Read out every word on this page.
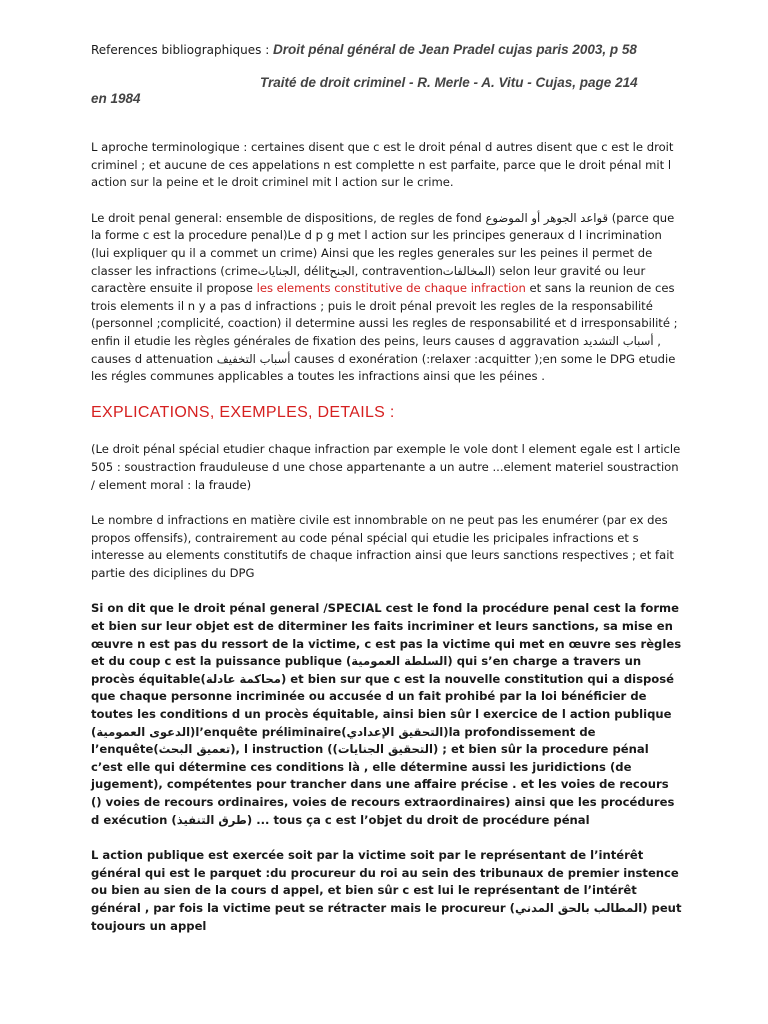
References bibliographiques : Droit pénal général de Jean Pradel cujas paris 2003, p 58
Traité de droit criminel - R. Merle - A. Vitu - Cujas, page 214
en 1984

L aproche terminologique : certaines disent que c est le droit pénal d autres disent que c est le droit criminel ; et aucune de ces appelations n est complette n est parfaite, parce que le droit pénal mit l action sur la peine et le droit criminel mit l action sur le crime.

Le droit penal general: ensemble de dispositions, de regles de fond قواعد الجوهر أو الموضوع (parce que la forme c est la procedure penal)Le d p g met l action sur les principes generaux d l incrimination (lui expliquer qu il a commet un crime) Ainsi que les regles generales sur les peines il permet de classer les infractions (crimeالجنايات, délitالجنح, contraventionالمخالفات) selon leur gravité ou leur caractère ensuite il propose les elements constitutive de chaque infraction et sans la reunion de ces trois elements il n y a pas d infractions ; puis le droit pénal prevoit les regles de la responsabilité (personnel ;complicité, coaction) il determine aussi les regles de responsabilité et d irresponsabilité ; enfin il etudie les règles générales de fixation des peins, leurs causes d aggravation أسباب التشديد , causes d attenuation أسباب التخفيف causes d exonération (:relaxer :acquitter );en some le DPG etudie les régles communes applicables a toutes les infractions ainsi que les péines .

EXPLICATIONS, EXEMPLES, DETAILS :

(Le droit pénal spécial etudier chaque infraction par exemple le vole dont l element egale est l article 505 : soustraction frauduleuse d une chose appartenante a un autre ...element materiel soustraction / element moral : la fraude)

Le nombre d infractions en matière civile est innombrable on ne peut pas les enumérer (par ex des propos offensifs), contrairement au code pénal spécial qui etudie les pricipales infractions et s interesse au elements constitutifs de chaque infraction ainsi que leurs sanctions respectives ; et fait partie des diciplines du DPG

Si on dit que le droit pénal general /SPECIAL cest le fond la procédure penal cest la forme et bien sur leur objet est de diterminer les faits incriminer et leurs sanctions, sa mise en œuvre n est pas du ressort de la victime, c est pas la victime qui met en œuvre ses règles et du coup c est la puissance publique (السلطة العمومية) qui s’en charge a travers un procès équitable(محاكمة عادلة) et bien sur que c est la nouvelle constitution qui a disposé que chaque personne incriminée ou accusée d un fait prohibé par la loi bénéficier de toutes les conditions d un procès équitable, ainsi bien sûr l exercice de l action publique (الدعوى العمومية)l’enquête préliminaire(التحقيق الإعدادي)la profondissement de l’enquête(تعميق البحث), l instruction ((التحقيق الجنايات) ; et bien sûr la procedure pénal c’est elle qui détermine ces conditions là , elle détermine aussi les juridictions (de jugement), compétentes pour trancher dans une affaire précise . et les voies de recours () voies de recours ordinaires, voies de recours extraordinaires) ainsi que les procédures d exécution (طرق التنفيذ) ... tous ça c est l’objet du droit de procédure pénal

L action publique est exercée soit par la victime soit par le représentant de l’intérêt général qui est le parquet :du procureur du roi au sein des tribunaux de premier instence ou bien au sien de la cours d appel, et bien sûr c est lui le représentant de l’intérêt général , par fois la victime peut se rétracter mais le procureur (المطالب بالحق المدني) peut toujours un appel
